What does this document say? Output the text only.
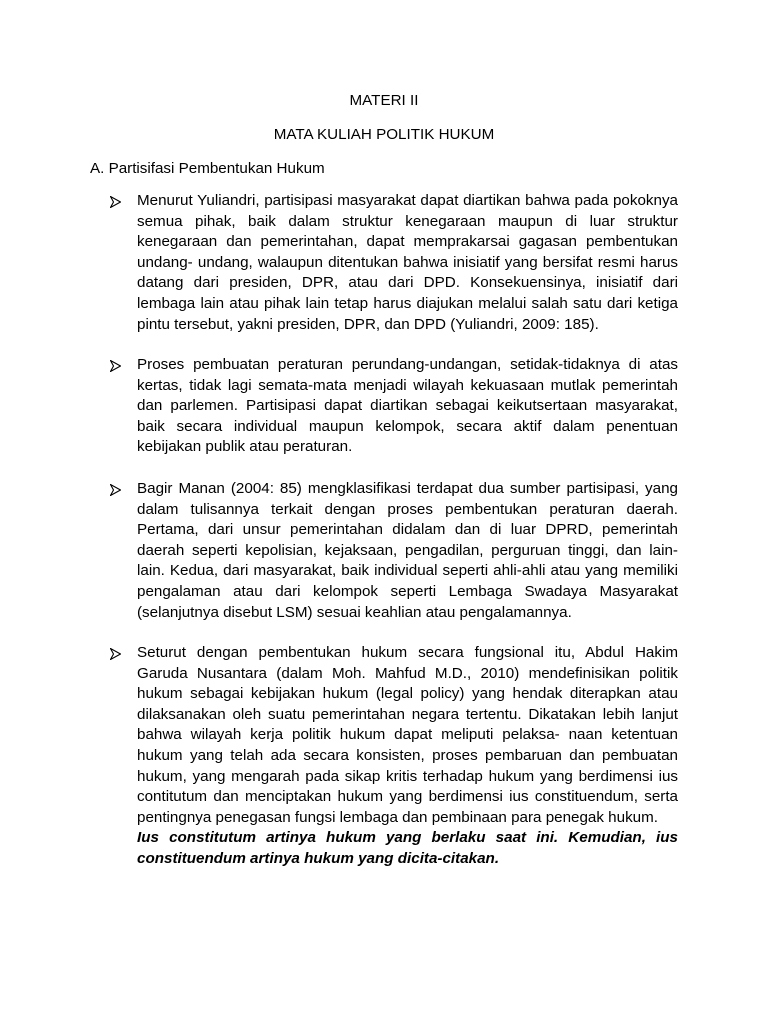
MATERI II

MATA KULIAH POLITIK HUKUM

A. Partisifasi Pembentukan Hukum

Menurut Yuliandri, partisipasi masyarakat dapat diartikan bahwa pada pokoknya semua pihak, baik dalam struktur kenegaraan maupun di luar struktur kenegaraan dan pemerintahan, dapat memprakarsai gagasan pembentukan undang- undang, walaupun ditentukan bahwa inisiatif yang bersifat resmi harus datang dari presiden, DPR, atau dari DPD. Konsekuensinya, inisiatif dari lembaga lain atau pihak lain tetap harus diajukan melalui salah satu dari ketiga pintu tersebut, yakni presiden, DPR, dan DPD (Yuliandri, 2009: 185).

Proses pembuatan peraturan perundang-undangan, setidak-tidaknya di atas kertas, tidak lagi semata-mata menjadi wilayah kekuasaan mutlak pemerintah dan parlemen. Partisipasi dapat diartikan sebagai keikutsertaan masyarakat, baik secara individual maupun kelompok, secara aktif dalam penentuan kebijakan publik atau peraturan.

Bagir Manan (2004: 85) mengklasifikasi terdapat dua sumber partisipasi, yang dalam tulisannya terkait dengan proses pembentukan peraturan daerah. Pertama, dari unsur pemerintahan didalam dan di luar DPRD, pemerintah daerah seperti kepolisian, kejaksaan, pengadilan, perguruan tinggi, dan lain-lain. Kedua, dari masyarakat, baik individual seperti ahli-ahli atau yang memiliki pengalaman atau dari kelompok seperti Lembaga Swadaya Masyarakat (selanjutnya disebut LSM) sesuai keahlian atau pengalamannya.

Seturut dengan pembentukan hukum secara fungsional itu, Abdul Hakim Garuda Nusantara (dalam Moh. Mahfud M.D., 2010) mendefinisikan politik hukum sebagai kebijakan hukum (legal policy) yang hendak diterapkan atau dilaksanakan oleh suatu pemerintahan negara tertentu. Dikatakan lebih lanjut bahwa wilayah kerja politik hukum dapat meliputi pelaksa- naan ketentuan hukum yang telah ada secara konsisten, proses pembaruan dan pembuatan hukum, yang mengarah pada sikap kritis terhadap hukum yang berdimensi ius contitutum dan menciptakan hukum yang berdimensi ius constituendum, serta pentingnya penegasan fungsi lembaga dan pembinaan para penegak hukum.

Ius constitutum artinya hukum yang berlaku saat ini. Kemudian, ius constituendum artinya hukum yang dicita-citakan.
